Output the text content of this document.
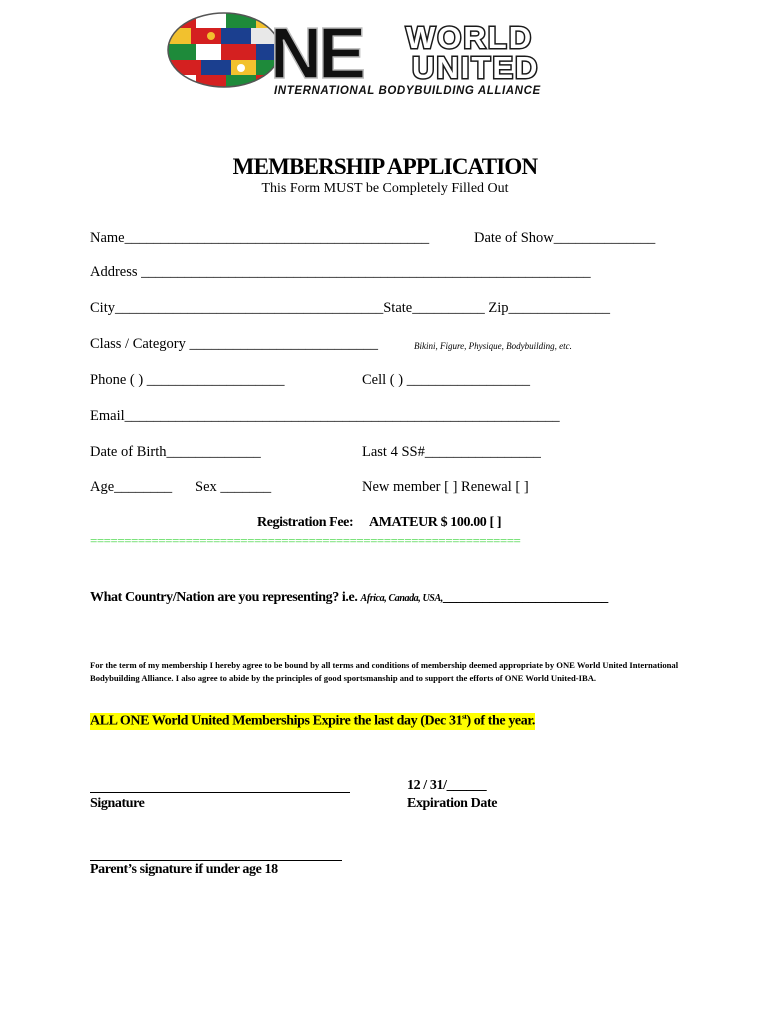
NE WORLD
UNITED
INTERNATIONAL BODYBUILDING ALLIANCE
MEMBERSHIP APPLICATION
This Form MUST be Completely Filled Out
Name__________________________________________	Date of Show______________
Address ______________________________________________________________
City_____________________________________State__________ Zip______________
Class / Category __________________________	Bikini, Figure, Physique, Bodybuilding, etc.
Phone ( ) ___________________	Cell ( ) _________________
Email____________________________________________________________
Date of Birth_____________	Last 4 SS#________________
Age________ Sex _______	New member [ ] Renewal [ ]
Registration Fee: AMATEUR $ 100.00 [ ]
===============================================================
What Country/Nation are you representing? i.e. Africa, Canada, USA,_________________________
For the term of my membership I hereby agree to be bound by all terms and conditions of membership deemed appropriate by ONE World United International Bodybuilding Alliance. I also agree to abide by the principles of good sportsmanship and to support the efforts of ONE World United-IBA.
ALL ONE World United Memberships Expire the last day (Dec 31st) of the year.
Signature
12 / 31/______
Expiration Date
Parent’s signature if under age 18
